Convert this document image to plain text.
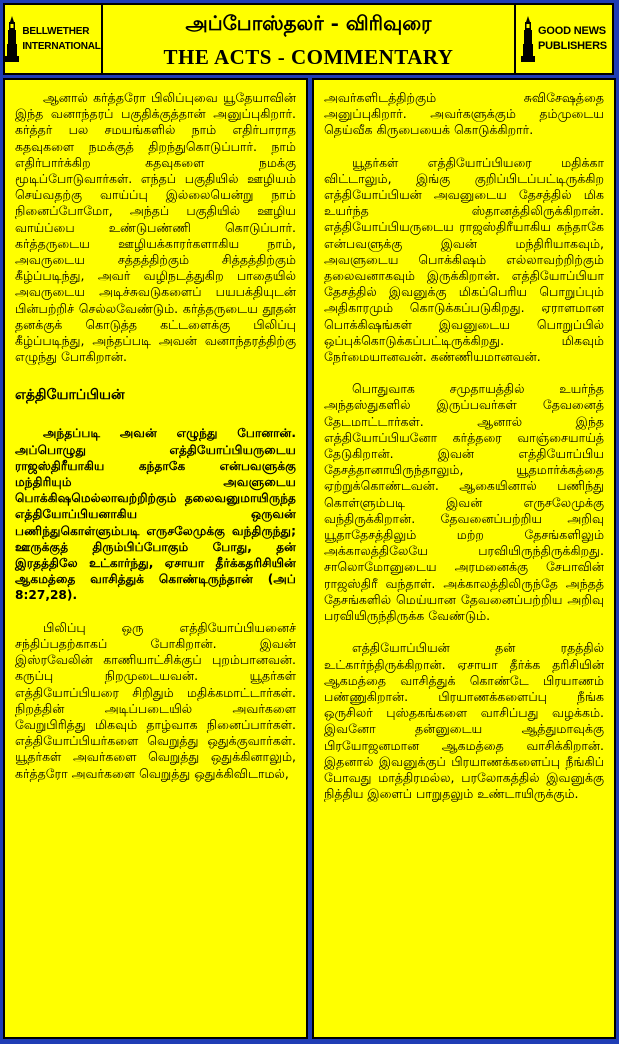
BELLWETHER
INTERNATIONAL
அப்போஸ்தலர் - விரிவுரை
THE ACTS - COMMENTARY
GOOD NEWS
PUBLISHERS

ஆனால் கர்த்தரோ பிலிப்புவை யூதேயாவின் இந்த வனாந்தரப் பகுதிக்குத்தான் அனுப்புகிறார். கர்த்தர் பல சமயங்களில் நாம் எதிர்பாராத கதவுகளை நமக்குத் திறந்துகொடுப்பார். நாம் எதிர்பார்க்கிற கதவுகளை நமக்கு மூடிப்போடுவார்கள். எந்தப் பகுதியில் ஊழியம் செய்வதற்கு வாய்ப்பு இல்லையென்று நாம் நினைப்போமோ, அந்தப் பகுதியில் ஊழிய வாய்ப்பை உண்டுபண்ணி கொடுப்பார். கர்த்தருடைய ஊழியக்காரர்களாகிய நாம், அவருடைய சத்தத்திற்கும் சித்தத்திற்கும் கீழ்ப்படிந்து, அவர் வழிநடத்துகிற பாதையில் அவருடைய அடிச்சுவடுகளைப் பயபக்தியுடன் பின்பற்றிச் செல்லவேண்டும். கர்த்தருடைய தூதன் தனக்குக் கொடுத்த கட்டளைக்கு பிலிப்பு கீழ்ப்படிந்து, அந்தப்படி அவன் வனாந்தரத்திற்கு எழுந்து போகிறான்.

எத்தியோப்பியன்

அந்தப்படி அவன் எழுந்து போனான். அப்பொழுது எத்தியோப்பியருடைய ராஜஸ்திரீயாகிய கந்தாகே என்பவளுக்கு மந்திரியும் அவளுடைய பொக்கிஷமெல்லாவற்றிற்கும் தலைவனுமாயிருந்த எத்தியோப்பியனாகிய ஒருவன் பணிந்துகொள்ளும்படி எருசலேமுக்கு வந்திருந்து; ஊருக்குத் திரும்பிப்போகும் போது, தன் இரதத்திலே உட்கார்ந்து, ஏசாயா தீர்க்கதரிசியின் ஆகமத்தை வாசித்துக் கொண்டிருந்தான் (அப் 8:27,28).

பிலிப்பு ஒரு எத்தியோப்பியனைச் சந்திப்பதற்காகப் போகிறான். இவன் இஸ்ரவேலின் காணியாட்சிக்குப் புறம்பானவன். கருப்பு நிறமுடையவன். யூதர்கள் எத்தியோப்பியரை சிறிதும் மதிக்கமாட்டார்கள். நிறத்தின் அடிப்படையில் அவர்களை வேறுபிரித்து மிகவும் தாழ்வாக நினைப்பார்கள். எத்தியோப்பியர்களை வெறுத்து ஒதுக்குவார்கள். யூதர்கள் அவர்களை வெறுத்து ஒதுக்கினாலும், கர்த்தரோ அவர்களை வெறுத்து ஒதுக்கிவிடாமல்,

அவர்களிடத்திற்கும் சுவிசேஷத்தை அனுப்புகிறார். அவர்களுக்கும் தம்முடைய தெய்வீக கிருபையைக் கொடுக்கிறார்.

யூதர்கள் எத்தியோப்பியரை மதிக்கா விட்டாலும், இங்கு குறிப்பிடப்பட்டிருக்கிற எத்தியோப்பியன் அவனுடைய தேசத்தில் மிக உயர்ந்த ஸ்தானத்திலிருக்கிறான். எத்தியோப்பியருடைய ராஜஸ்திரீயாகிய கந்தாகே என்பவளுக்கு இவன் மந்திரியாகவும், அவளுடைய பொக்கிஷம் எல்லாவற்றிற்கும் தலைவனாகவும் இருக்கிறான். எத்தியோப்பியா தேசத்தில் இவனுக்கு மிகப்பெரிய பொறுப்பும் அதிகாரமும் கொடுக்கப்படுகிறது. ஏராளமான பொக்கிஷங்கள் இவனுடைய பொறுப்பில் ஒப்புக்கொடுக்கப்பட்டிருக்கிறது. மிகவும் நேர்மையானவன். கண்ணியமானவன்.

பொதுவாக சமுதாயத்தில் உயர்ந்த அந்தஸ்துகளில் இருப்பவர்கள் தேவனைத் தேடமாட்டார்கள். ஆனால் இந்த எத்தியோப்பியனோ கர்த்தரை வாஞ்சையாய்த் தேடுகிறான். இவன் எத்தியோப்பிய தேசத்தானாயிருந்தாலும், யூதமார்க்கத்தை ஏற்றுக்கொண்டவன். ஆகையினால் பணிந்து கொள்ளும்படி இவன் எருசலேமுக்கு வந்திருக்கிறான். தேவனைப்பற்றிய அறிவு யூதாதேசத்திலும் மற்ற தேசங்களிலும் அக்காலத்திலேயே பரவியிருந்திருக்கிறது. சாலொமோனுடைய அரமனைக்கு சேபாவின் ராஜஸ்திரீ வந்தாள். அக்காலத்திலிருந்தே அந்தத் தேசங்களில் மெய்யான தேவனைப்பற்றிய அறிவு பரவியிருந்திருக்க வேண்டும்.

எத்தியோப்பியன் தன் ரதத்தில் உட்கார்ந்திருக்கிறான். ஏசாயா தீர்க்க தரிசியின் ஆகமத்தை வாசித்துக் கொண்டே பிரயாணம் பண்ணுகிறான். பிரயாணக்களைப்பு நீங்க ஒருசிலர் புஸ்தகங்களை வாசிப்பது வழக்கம். இவனோ தன்னுடைய ஆத்துமாவுக்கு பிரயோஜனமான ஆகமத்தை வாசிக்கிறான். இதனால் இவனுக்குப் பிரயாணக்களைப்பு நீங்கிப் போவது மாத்திரமல்ல, பரலோகத்தில் இவனுக்கு நித்திய இளைப் பாறுதலும் உண்டாயிருக்கும்.
